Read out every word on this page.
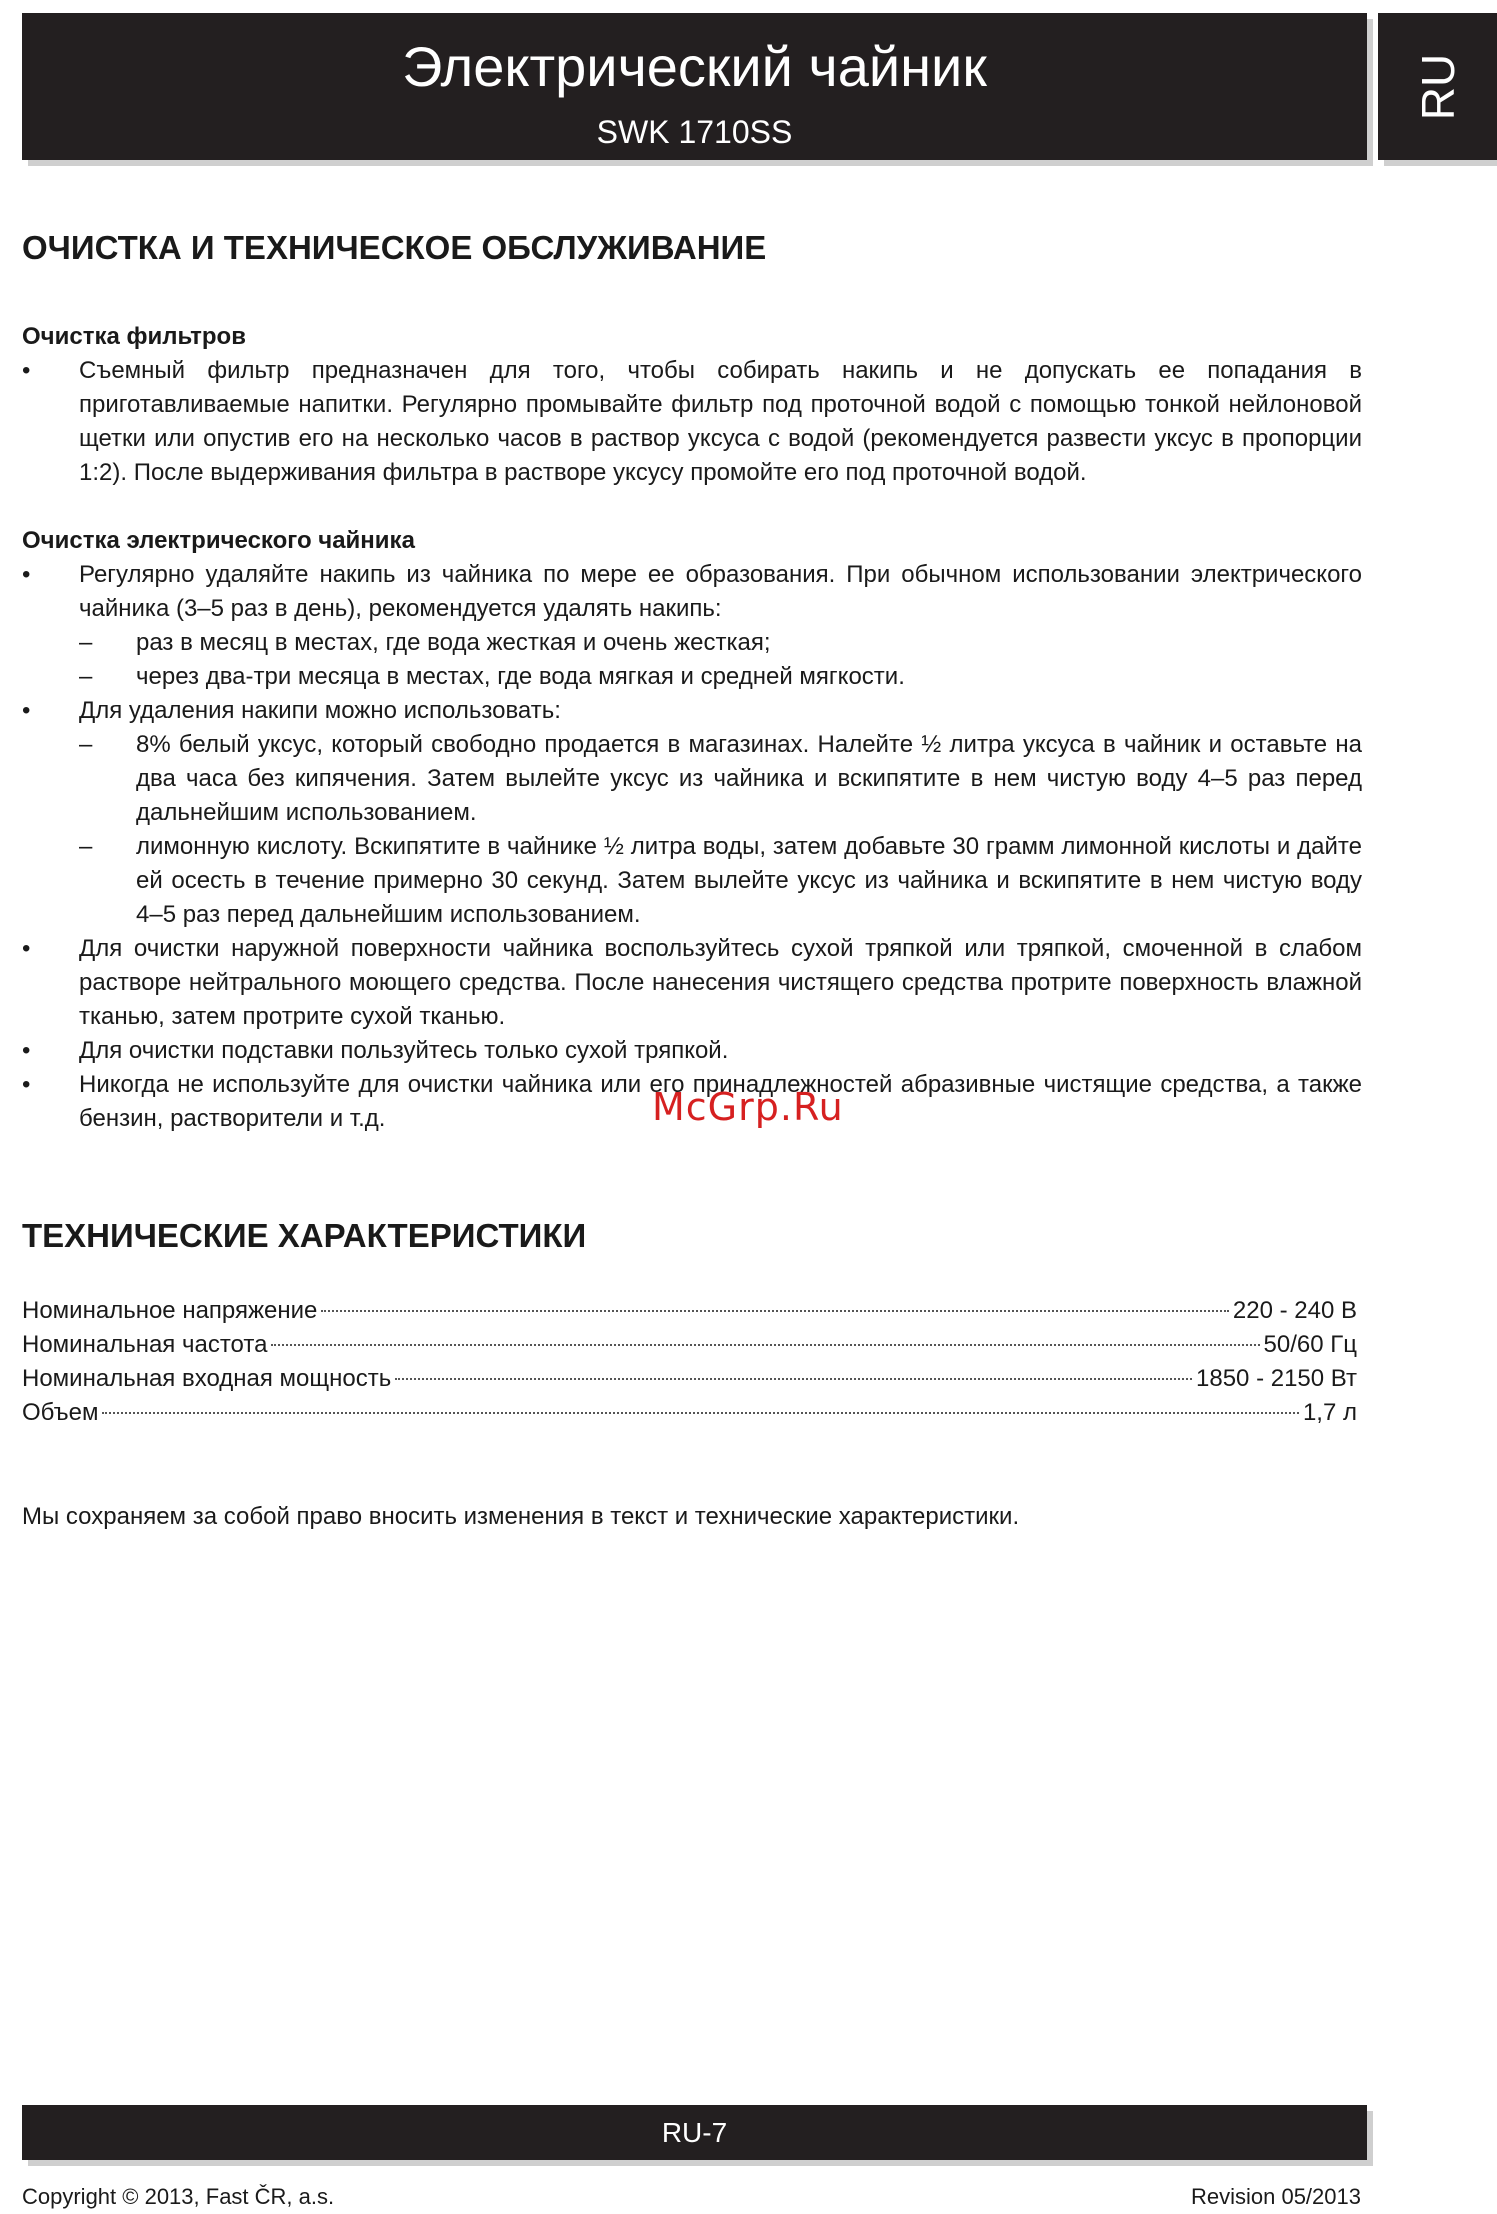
Электрический чайник
SWK 1710SS
RU
ОЧИСТКА И ТЕХНИЧЕСКОЕ ОБСЛУЖИВАНИЕ
Очистка фильтров
• Съемный фильтр предназначен для того, чтобы собирать накипь и не допускать ее попадания в приготавливаемые напитки. Регулярно промывайте фильтр под проточной водой с помощью тонкой нейлоновой щетки или опустив его на несколько часов в раствор уксуса с водой (рекомендуется развести уксус в пропорции 1:2). После выдерживания фильтра в растворе уксусу промойте его под проточной водой.
Очистка электрического чайника
• Регулярно удаляйте накипь из чайника по мере ее образования. При обычном использовании электрического чайника (3–5 раз в день), рекомендуется удалять накипь:
– раз в месяц в местах, где вода жесткая и очень жесткая;
– через два-три месяца в местах, где вода мягкая и средней мягкости.
• Для удаления накипи можно использовать:
– 8% белый уксус, который свободно продается в магазинах. Налейте ½ литра уксуса в чайник и оставьте на два часа без кипячения. Затем вылейте уксус из чайника и вскипятите в нем чистую воду 4–5 раз перед дальнейшим использованием.
– лимонную кислоту. Вскипятите в чайнике ½ литра воды, затем добавьте 30 грамм лимонной кислоты и дайте ей осесть в течение примерно 30 секунд. Затем вылейте уксус из чайника и вскипятите в нем чистую воду 4–5 раз перед дальнейшим использованием.
• Для очистки наружной поверхности чайника воспользуйтесь сухой тряпкой или тряпкой, смоченной в слабом растворе нейтрального моющего средства. После нанесения чистящего средства протрите поверхность влажной тканью, затем протрите сухой тканью.
• Для очистки подставки пользуйтесь только сухой тряпкой.
• Никогда не используйте для очистки чайника или его принадлежностей абразивные чистящие средства, а также бензин, растворители и т.д.
ТЕХНИЧЕСКИЕ ХАРАКТЕРИСТИКИ
Номинальное напряжение	220 - 240 В
Номинальная частота	50/60 Гц
Номинальная входная мощность	1850 - 2150 Вт
Объем	1,7 л
Мы сохраняем за собой право вносить изменения в текст и технические характеристики.
McGrp.Ru
RU-7
Copyright © 2013, Fast ČR, a.s.	Revision 05/2013
